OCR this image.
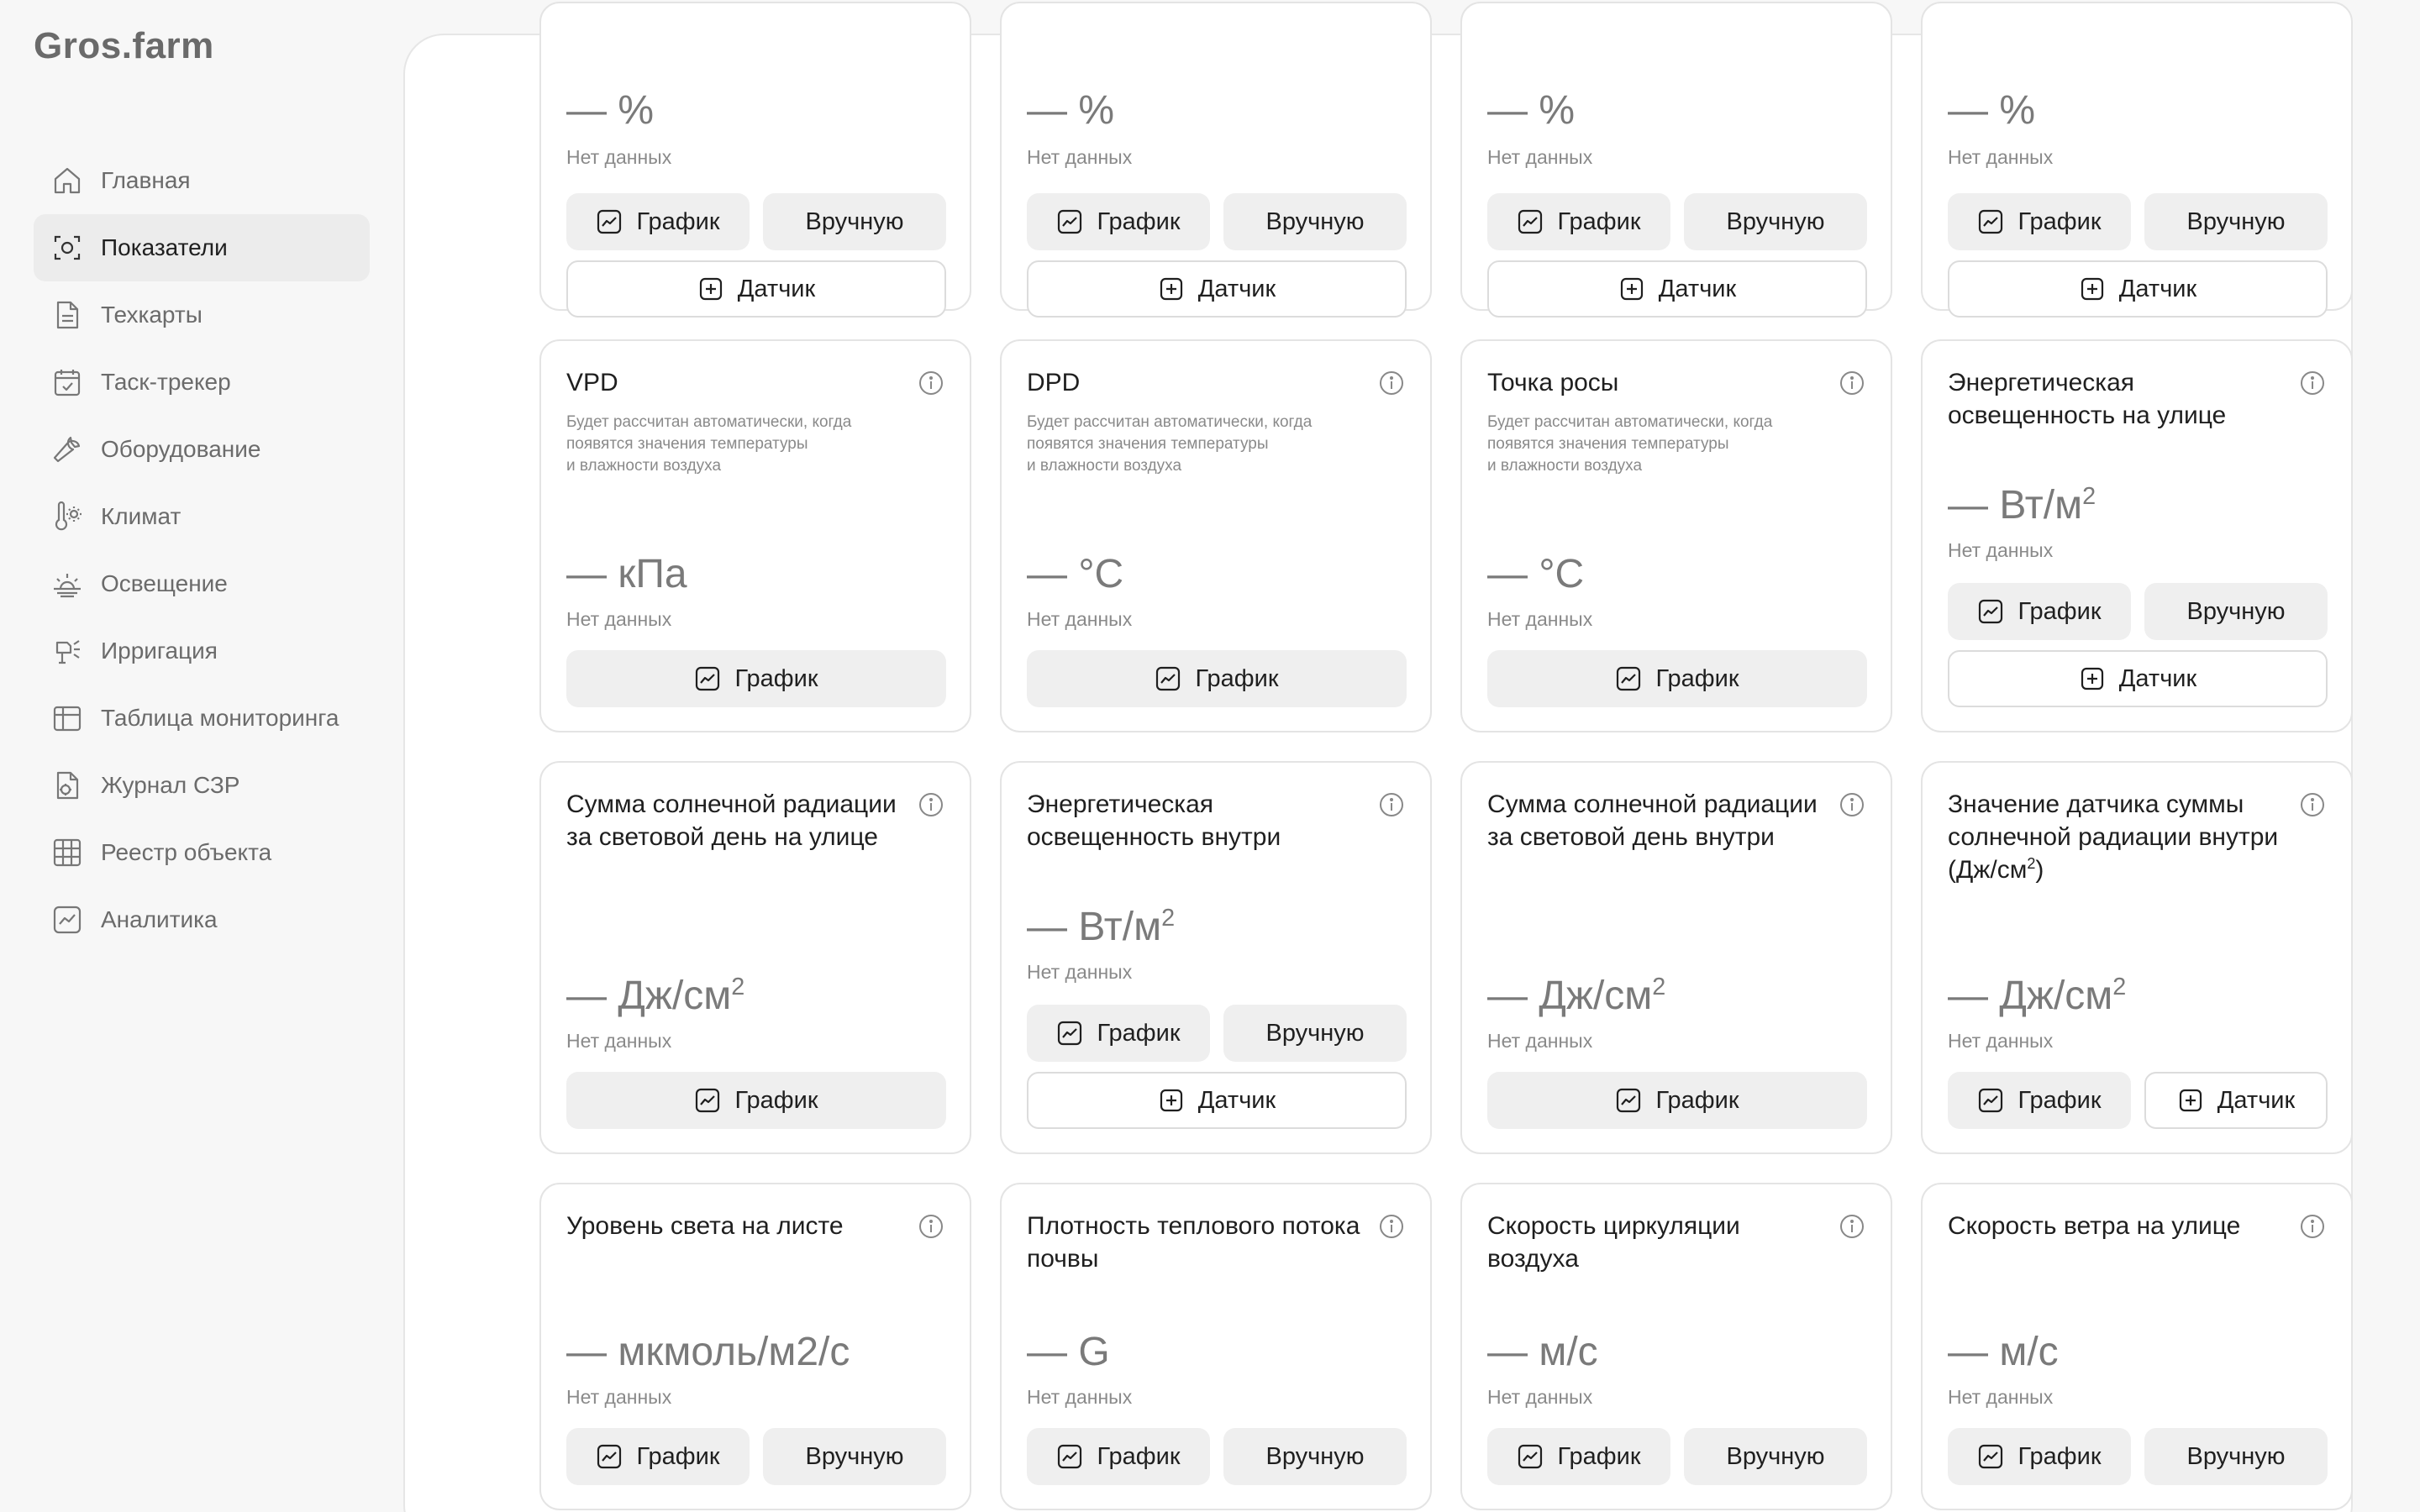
Gros.farm
Главная
Показатели
Техкарты
Таск-трекер
Оборудование
Климат
Освещение
Ирригация
Таблица мониторинга
Журнал СЗР
Реестр объекта
Аналитика
— %
Нет данных
График	Вручную
Датчик
— %
Нет данных
График	Вручную
Датчик
— %
Нет данных
График	Вручную
Датчик
— %
Нет данных
График	Вручную
Датчик
VPD
Будет рассчитан автоматически, когда
появятся значения температуры
и влажности воздуха
— кПа
Нет данных
График
DPD
Будет рассчитан автоматически, когда
появятся значения температуры
и влажности воздуха
— °C
Нет данных
График
Точка росы
Будет рассчитан автоматически, когда
появятся значения температуры
и влажности воздуха
— °C
Нет данных
График
Энергетическая освещенность на улице
— $Вт/м^2$
Нет данных
График	Вручную
Датчик
Сумма солнечной радиации за световой день на улице
— $Дж/см^2$
Нет данных
График
Энергетическая освещенность внутри
— $Вт/м^2$
Нет данных
График	Вручную
Датчик
Сумма солнечной радиации за световой день внутри
— $Дж/см^2$
Нет данных
График
Значение датчика суммы солнечной радиации внутри $(Дж/см^2)$
— $Дж/см^2$
Нет данных
График	Датчик
Уровень света на листе
— мкмоль/м2/с
Нет данных
График	Вручную
Плотность теплового потока почвы
— G
Нет данных
График	Вручную
Скорость циркуляции воздуха
— м/с
Нет данных
График	Вручную
Скорость ветра на улице
— м/с
Нет данных
График	Вручную
